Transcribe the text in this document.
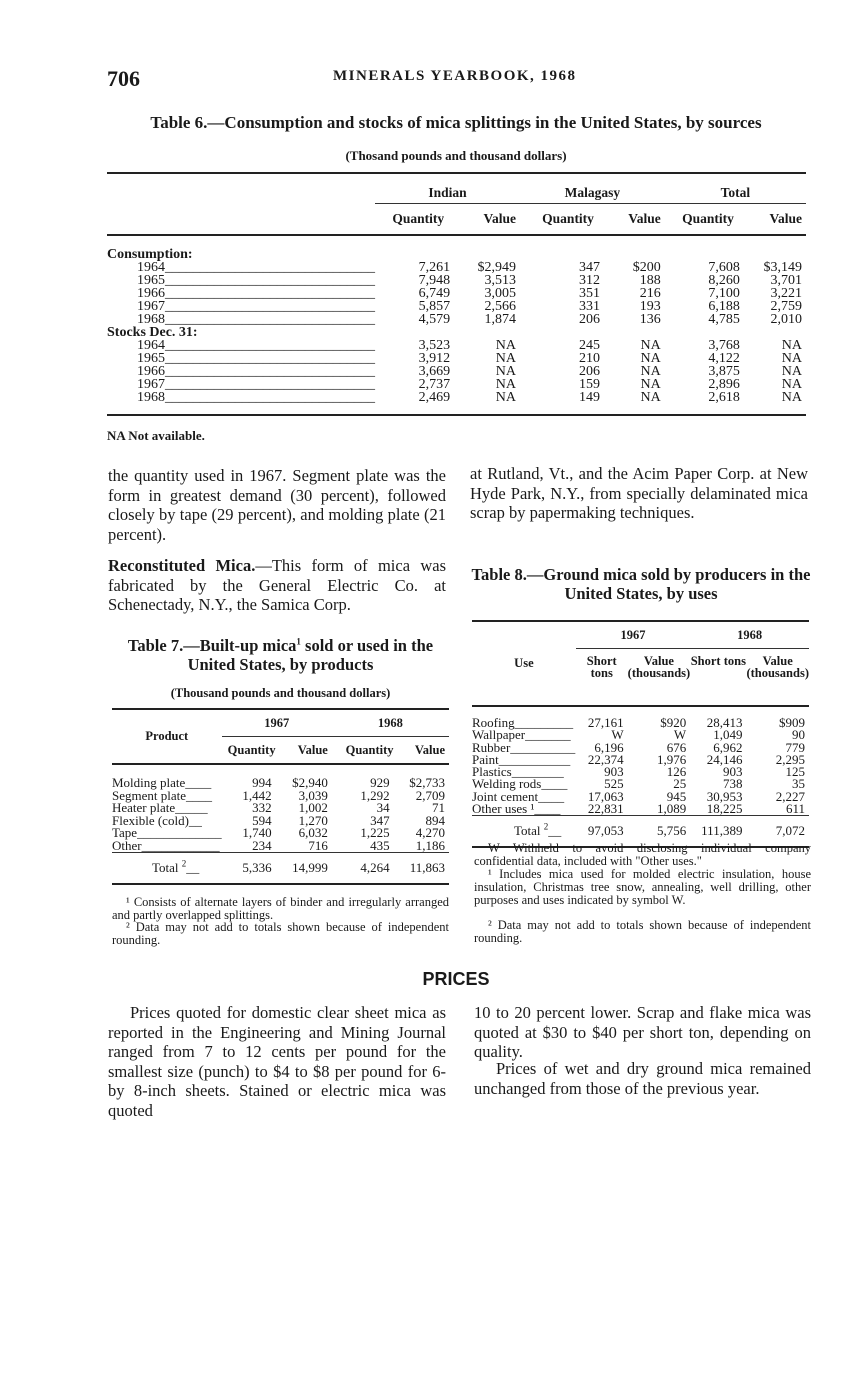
706	MINERALS YEARBOOK, 1968
Table 6.—Consumption and stocks of mica splittings in the United States, by sources
(Thosand pounds and thousand dollars)

	Indian		Malagasy		Total	
	Quantity	Value	Quantity	Value	Quantity	Value

Consumption:						
1964______________________________	7,261	$2,949	347	$200	7,608	$3,149
1965______________________________	7,948	3,513	312	188	8,260	3,701
1966______________________________	6,749	3,005	351	216	7,100	3,221
1967______________________________	5,857	2,566	331	193	6,188	2,759
1968______________________________	4,579	1,874	206	136	4,785	2,010
Stocks Dec. 31:						
1964______________________________	3,523	NA	245	NA	3,768	NA
1965______________________________	3,912	NA	210	NA	4,122	NA
1966______________________________	3,669	NA	206	NA	3,875	NA
1967______________________________	2,737	NA	159	NA	2,896	NA
1968______________________________	2,469	NA	149	NA	2,618	NA

NA Not available.
the quantity used in 1967. Segment plate was the form in greatest demand (30 percent), followed closely by tape (29 percent), and molding plate (21 percent).
Reconstituted Mica.—This form of mica was fabricated by the General Electric Co. at Schenectady, N.Y., the Samica Corp.
at Rutland, Vt., and the Acim Paper Corp. at New Hyde Park, N.Y., from specially delaminated mica scrap by papermaking techniques.
Table 7.—Built-up mica$^1$ sold or used in the United States, by products
(Thousand pounds and thousand dollars)
Product	1967		1968	
	Quantity	Value	Quantity	Value

Molding plate____	994	$2,940	929	$2,733
Segment plate____	1,442	3,039	1,292	2,709
Heater plate_____	332	1,002	34	71
Flexible (cold)__	594	1,270	347	894
Tape_____________	1,740	6,032	1,225	4,270
Other____________	234	716	435	1,186
Total $^2$__	5,336	14,999	4,264	11,863
¹ Consists of alternate layers of binder and irregularly arranged and partly overlapped splittings.
² Data may not add to totals shown because of independent rounding.
Table 8.—Ground mica sold by producers in the United States, by uses
Use	1967		1968	
	Short tons	Value (thousands)	Short tons	Value (thousands)

Roofing_________	27,161	$920	28,413	$909
Wallpaper_______	W	W	1,049	90
Rubber__________	6,196	676	6,962	779
Paint___________	22,374	1,976	24,146	2,295
Plastics________	903	126	903	125
Welding rods____	525	25	738	35
Joint cement____	17,063	945	30,953	2,227
Other uses ¹____	22,831	1,089	18,225	611
Total $^2$__	97,053	5,756	111,389	7,072
W Withheld to avoid disclosing individual company confidential data, included with "Other uses."
¹ Includes mica used for molded electric insulation, house insulation, Christmas tree snow, annealing, well drilling, other purposes and uses indicated by symbol W.
² Data may not add to totals shown because of independent rounding.
PRICES
Prices quoted for domestic clear sheet mica as reported in the Engineering and Mining Journal ranged from 7 to 12 cents per pound for the smallest size (punch) to $4 to $8 per pound for 6- by 8-inch sheets. Stained or electric mica was quoted
10 to 20 percent lower. Scrap and flake mica was quoted at $30 to $40 per short ton, depending on quality.
Prices of wet and dry ground mica remained unchanged from those of the previous year.
